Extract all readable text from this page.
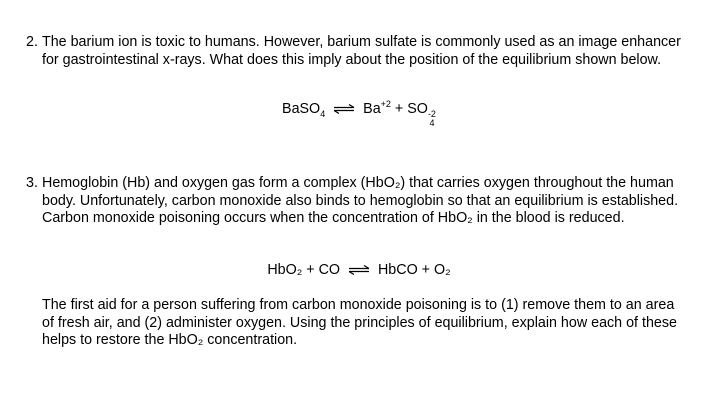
2. The barium ion is toxic to humans. However, barium sulfate is commonly used as an image enhancer for gastrointestinal x-rays. What does this imply about the position of the equilibrium shown below.
BaSO$_4$ ⇌ $Ba^{+2}$ + SO -2
4
3. Hemoglobin (Hb) and oxygen gas form a complex (HbO₂) that carries oxygen throughout the human body. Unfortunately, carbon monoxide also binds to hemoglobin so that an equilibrium is established. Carbon monoxide poisoning occurs when the concentration of HbO₂ in the blood is reduced.
HbO₂ + CO ⇌ HbCO + O₂
The first aid for a person suffering from carbon monoxide poisoning is to (1) remove them to an area of fresh air, and (2) administer oxygen. Using the principles of equilibrium, explain how each of these helps to restore the HbO₂ concentration.
